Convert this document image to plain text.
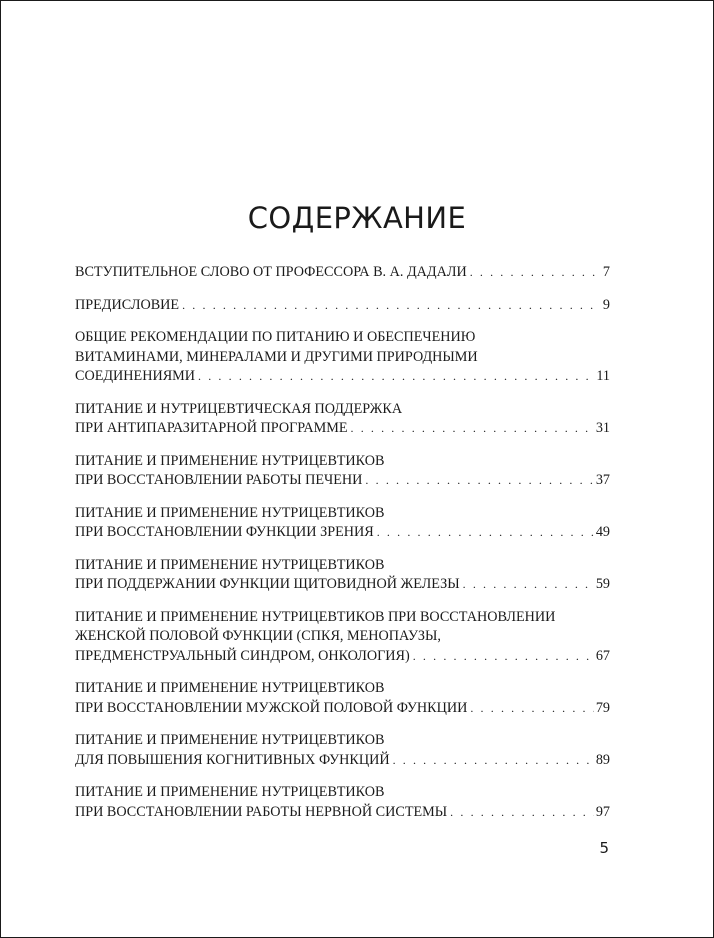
СОДЕРЖАНИЕ
ВСТУПИТЕЛЬНОЕ СЛОВО ОТ ПРОФЕССОРА В. А. ДАДАЛИ . . .	7
ПРЕДИСЛОВИЕ . . .	9
ОБЩИЕ РЕКОМЕНДАЦИИ ПО ПИТАНИЮ И ОБЕСПЕЧЕНИЮ
ВИТАМИНАМИ, МИНЕРАЛАМИ И ДРУГИМИ ПРИРОДНЫМИ
СОЕДИНЕНИЯМИ . . .	11
ПИТАНИЕ И НУТРИЦЕВТИЧЕСКАЯ ПОДДЕРЖКА
ПРИ АНТИПАРАЗИТАРНОЙ ПРОГРАММЕ . . .	31
ПИТАНИЕ И ПРИМЕНЕНИЕ НУТРИЦЕВТИКОВ
ПРИ ВОССТАНОВЛЕНИИ РАБОТЫ ПЕЧЕНИ . . .	37
ПИТАНИЕ И ПРИМЕНЕНИЕ НУТРИЦЕВТИКОВ
ПРИ ВОССТАНОВЛЕНИИ ФУНКЦИИ ЗРЕНИЯ . . .	49
ПИТАНИЕ И ПРИМЕНЕНИЕ НУТРИЦЕВТИКОВ
ПРИ ПОДДЕРЖАНИИ ФУНКЦИИ ЩИТОВИДНОЙ ЖЕЛЕЗЫ . . .	59
ПИТАНИЕ И ПРИМЕНЕНИЕ НУТРИЦЕВТИКОВ ПРИ ВОССТАНОВЛЕНИИ
ЖЕНСКОЙ ПОЛОВОЙ ФУНКЦИИ (СПКЯ, МЕНОПАУЗЫ,
ПРЕДМЕНСТРУАЛЬНЫЙ СИНДРОМ, ОНКОЛОГИЯ) . . .	67
ПИТАНИЕ И ПРИМЕНЕНИЕ НУТРИЦЕВТИКОВ
ПРИ ВОССТАНОВЛЕНИИ МУЖСКОЙ ПОЛОВОЙ ФУНКЦИИ . . .	79
ПИТАНИЕ И ПРИМЕНЕНИЕ НУТРИЦЕВТИКОВ
ДЛЯ ПОВЫШЕНИЯ КОГНИТИВНЫХ ФУНКЦИЙ . . .	89
ПИТАНИЕ И ПРИМЕНЕНИЕ НУТРИЦЕВТИКОВ
ПРИ ВОССТАНОВЛЕНИИ РАБОТЫ НЕРВНОЙ СИСТЕМЫ . . .	97
5
